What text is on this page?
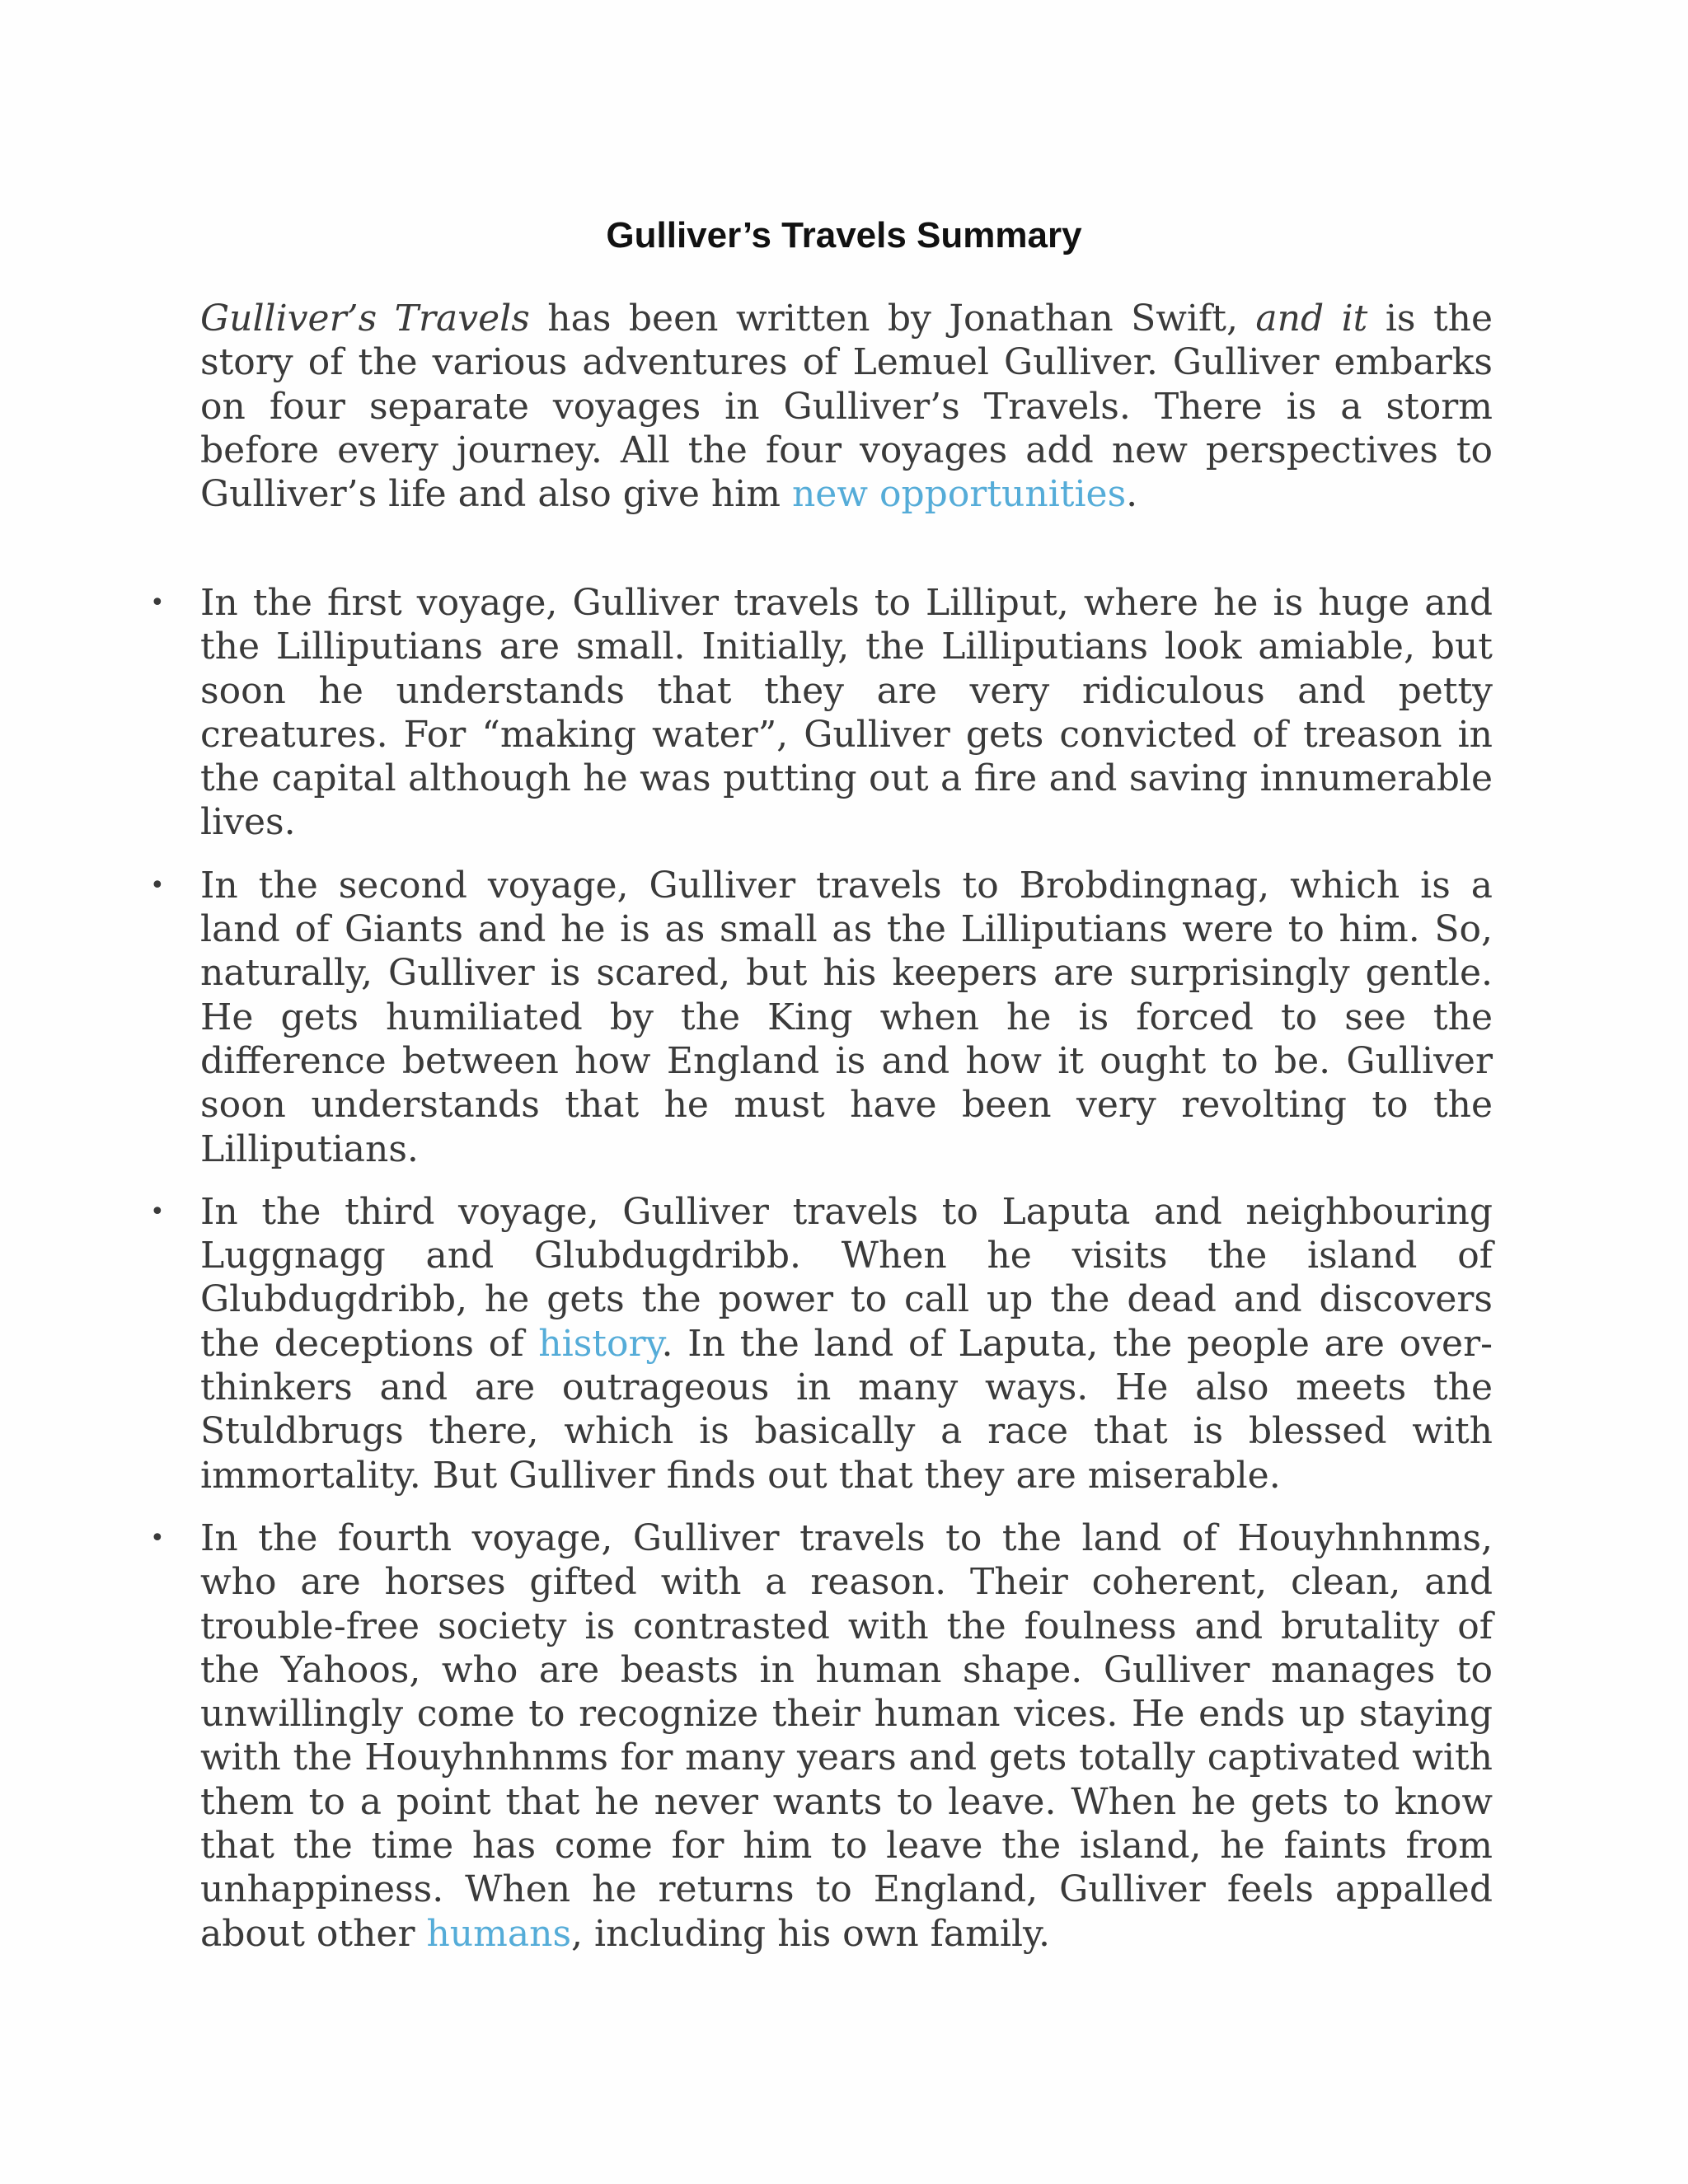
Gulliver’s Travels Summary

Gulliver’s Travels has been written by Jonathan Swift, and it is the story of the various adventures of Lemuel Gulliver. Gulliver embarks on four separate voyages in Gulliver’s Travels. There is a storm before every journey. All the four voyages add new perspectives to Gulliver’s life and also give him new opportunities.

• In the first voyage, Gulliver travels to Lilliput, where he is huge and the Lilliputians are small. Initially, the Lilliputians look amiable, but soon he understands that they are very ridiculous and petty creatures. For “making water”, Gulliver gets convicted of treason in the capital although he was putting out a fire and saving innumerable lives.
• In the second voyage, Gulliver travels to Brobdingnag, which is a land of Giants and he is as small as the Lilliputians were to him. So, naturally, Gulliver is scared, but his keepers are surprisingly gentle. He gets humiliated by the King when he is forced to see the difference between how England is and how it ought to be. Gulliver soon understands that he must have been very revolting to the Lilliputians.
• In the third voyage, Gulliver travels to Laputa and neighbouring Luggnagg and Glubdugdribb. When he visits the island of Glubdugdribb, he gets the power to call up the dead and discovers the deceptions of history. In the land of Laputa, the people are over-thinkers and are outrageous in many ways. He also meets the Stuldbrugs there, which is basically a race that is blessed with immortality. But Gulliver finds out that they are miserable.
• In the fourth voyage, Gulliver travels to the land of Houyhnhnms, who are horses gifted with a reason. Their coherent, clean, and trouble-free society is contrasted with the foulness and brutality of the Yahoos, who are beasts in human shape. Gulliver manages to unwillingly come to recognize their human vices. He ends up staying with the Houyhnhnms for many years and gets totally captivated with them to a point that he never wants to leave. When he gets to know that the time has come for him to leave the island, he faints from unhappiness. When he returns to England, Gulliver feels appalled about other humans, including his own family.
